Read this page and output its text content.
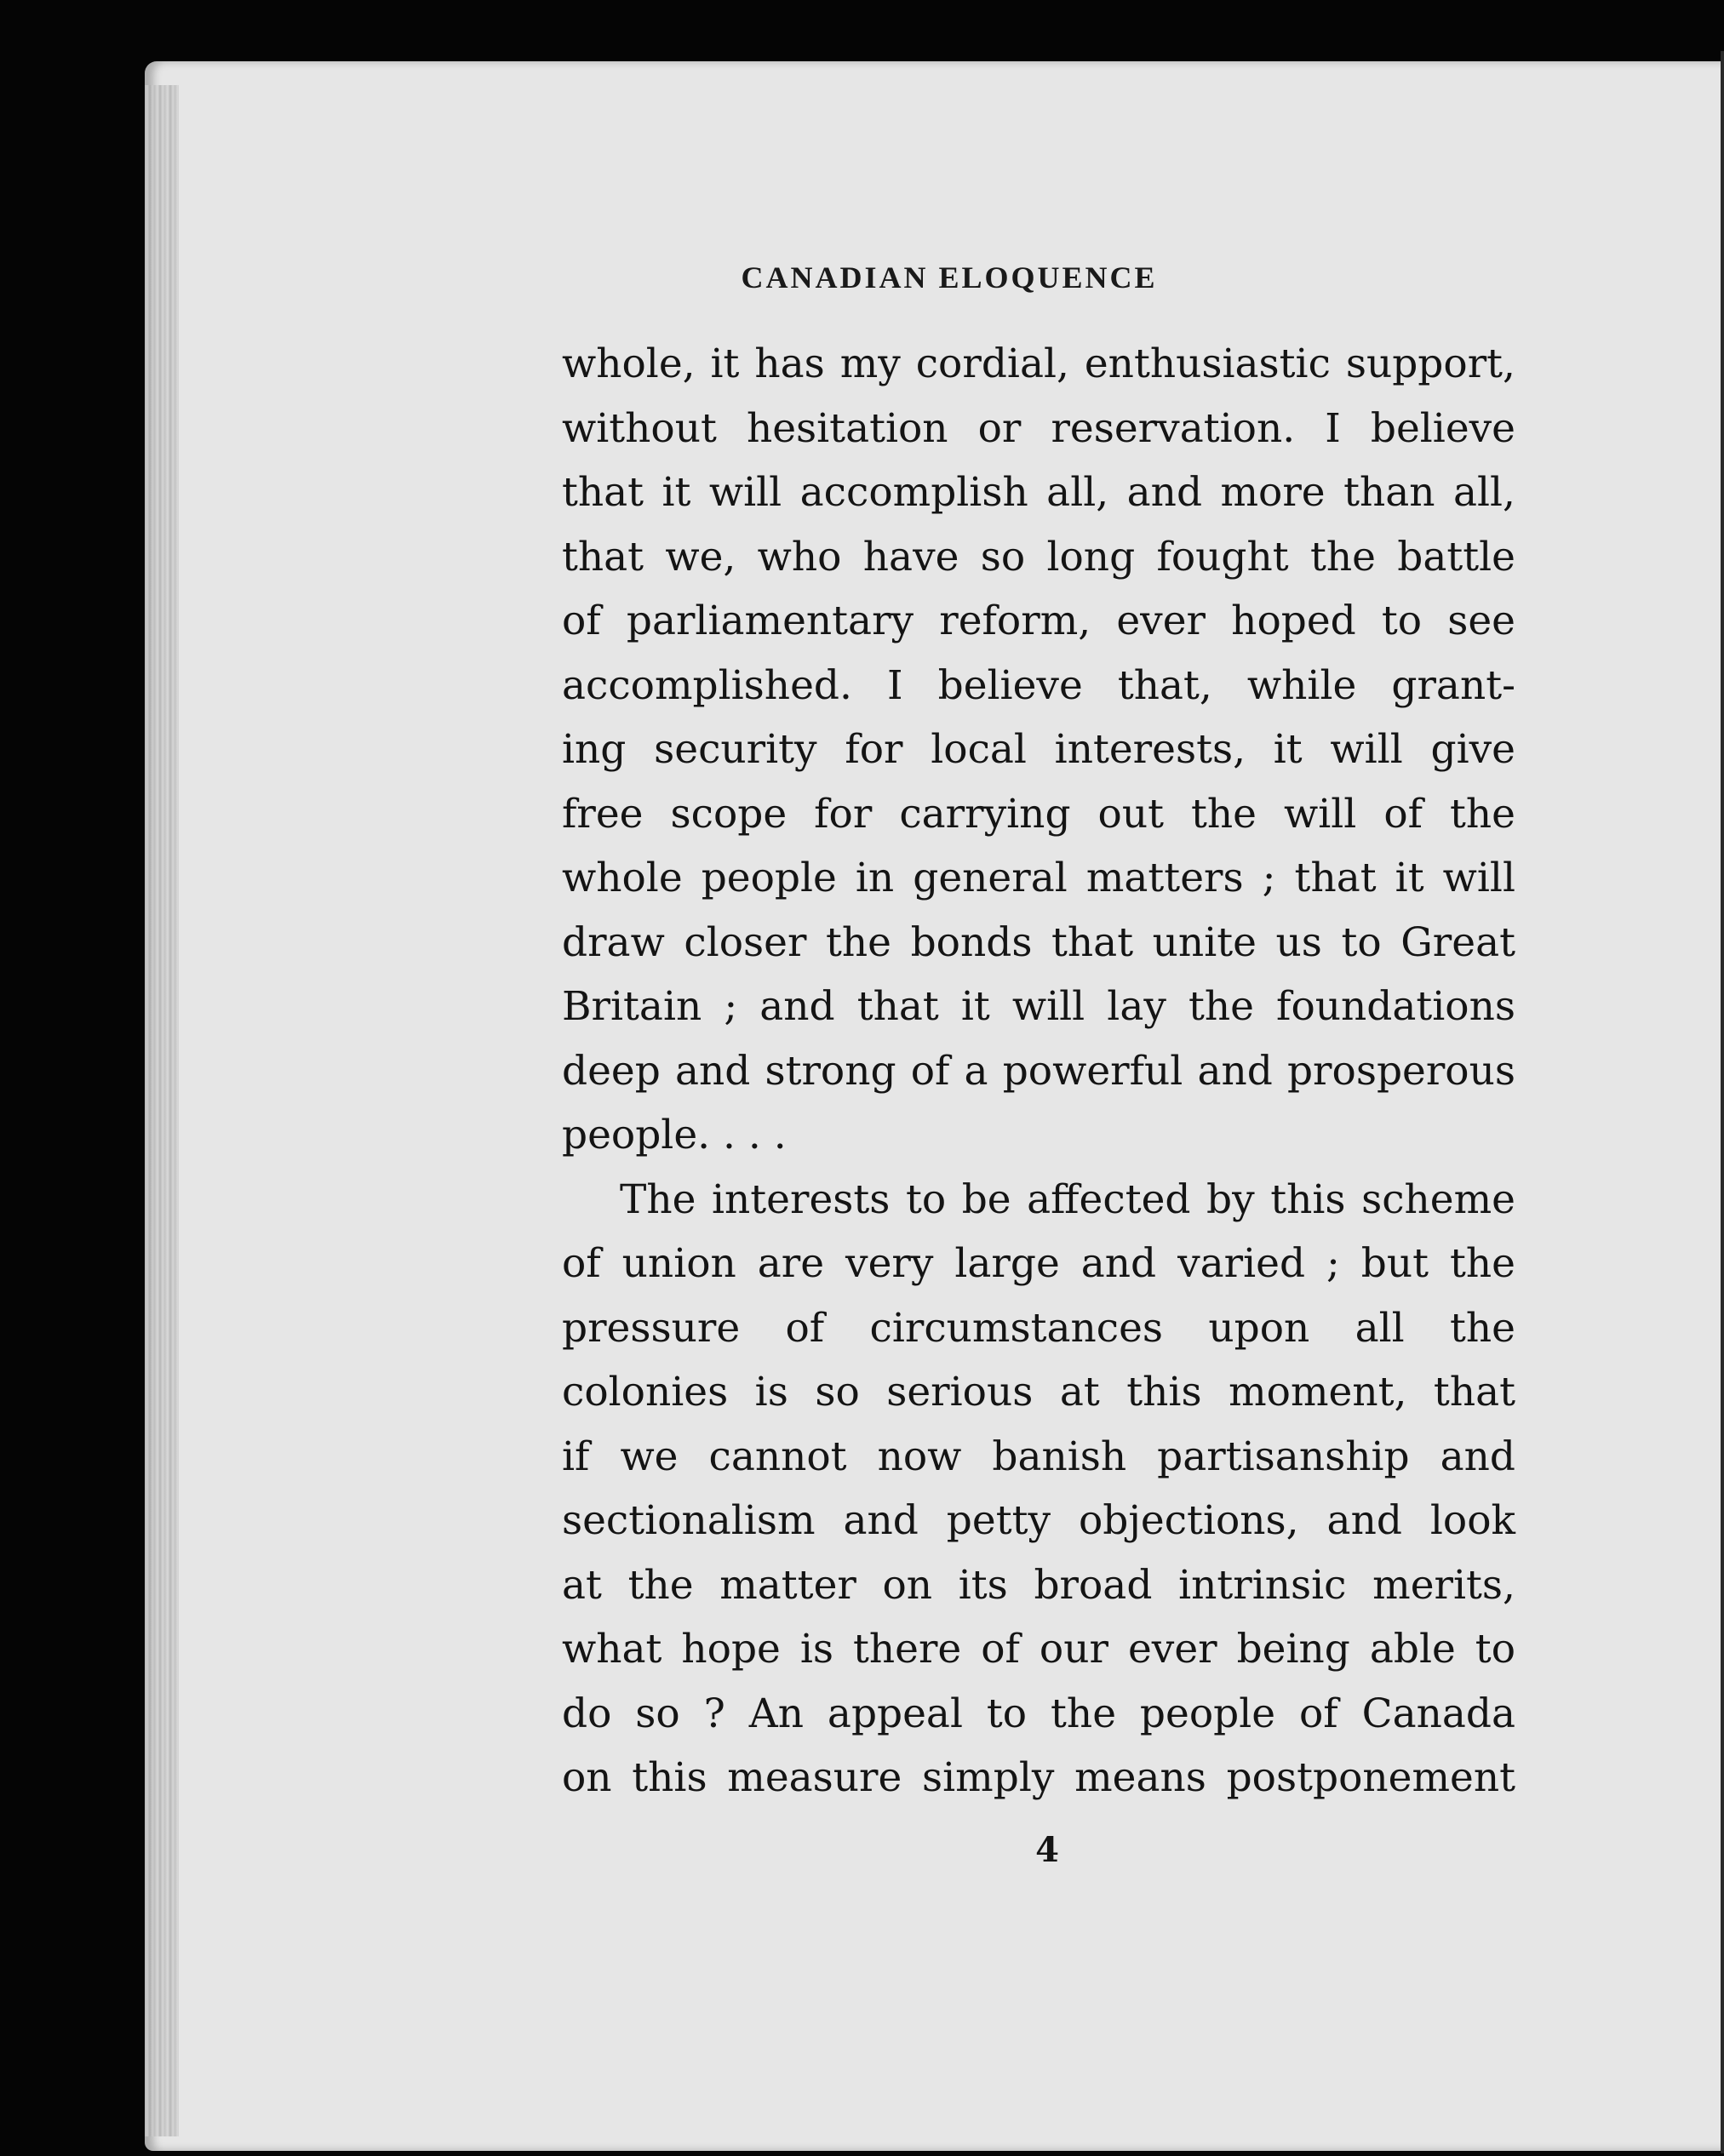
CANADIAN ELOQUENCE
whole, it has my cordial, enthusiastic support,
without hesitation or reservation. I believe
that it will accomplish all, and more than all,
that we, who have so long fought the battle
of parliamentary reform, ever hoped to see
accomplished. I believe that, while grant-
ing security for local interests, it will give
free scope for carrying out the will of the
whole people in general matters ; that it will
draw closer the bonds that unite us to Great
Britain ; and that it will lay the foundations
deep and strong of a powerful and prosperous
people. . . .
The interests to be affected by this scheme
of union are very large and varied ; but the
pressure of circumstances upon all the
colonies is so serious at this moment, that
if we cannot now banish partisanship and
sectionalism and petty objections, and look
at the matter on its broad intrinsic merits,
what hope is there of our ever being able to
do so ? An appeal to the people of Canada
on this measure simply means postponement
4
